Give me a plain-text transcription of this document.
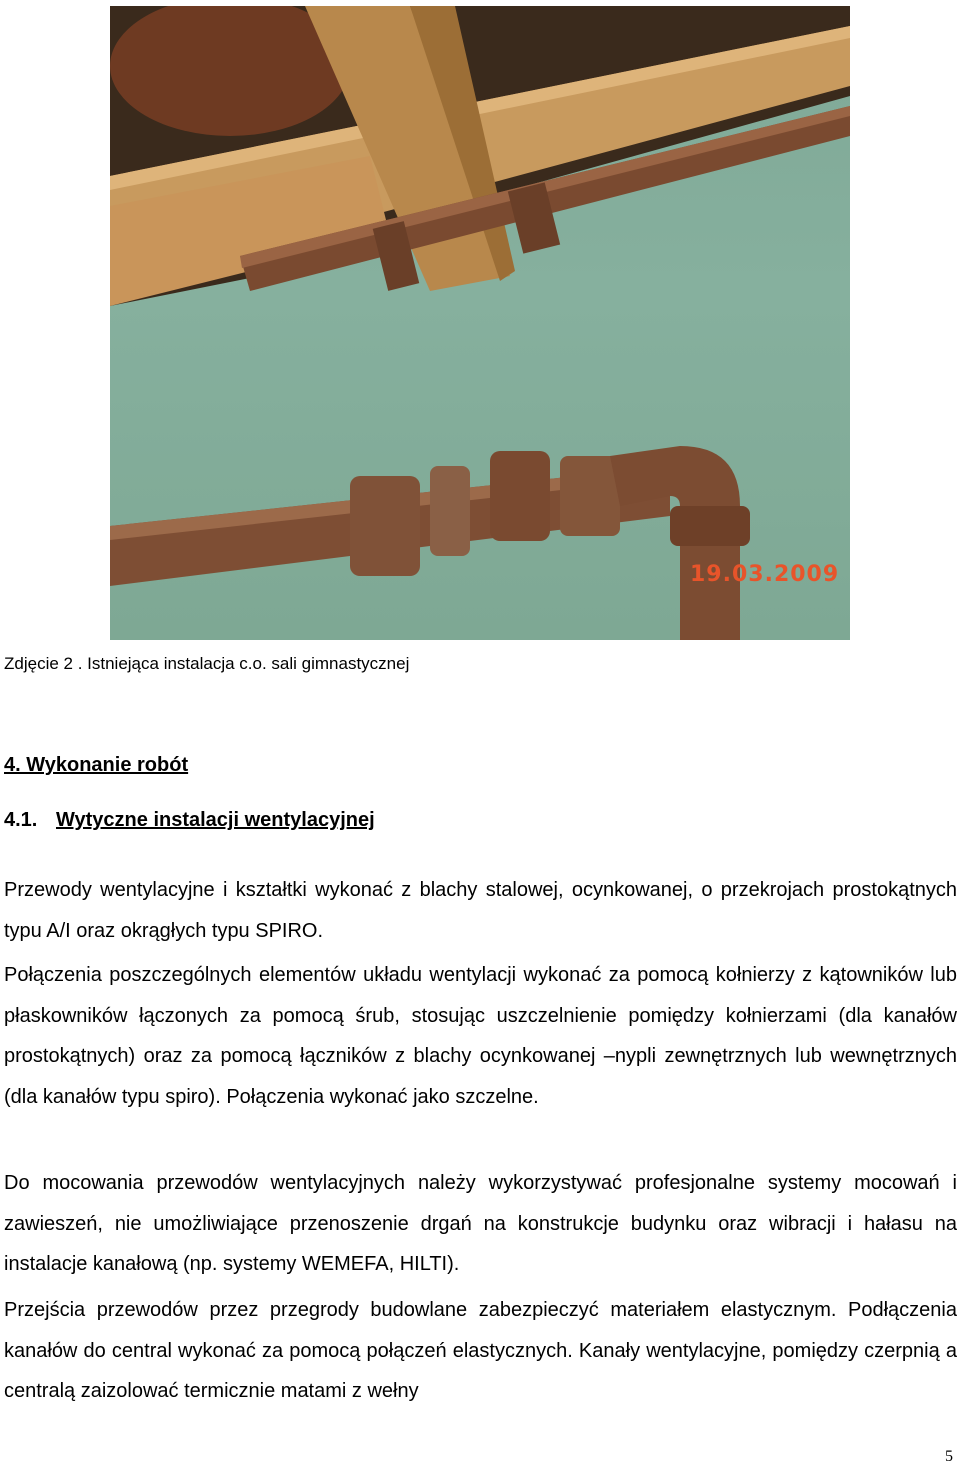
19.03.2009
Zdjęcie 2 . Istniejąca instalacja c.o. sali gimnastycznej
4. Wykonanie robót
4.1. Wytyczne instalacji wentylacyjnej
Przewody wentylacyjne i kształtki wykonać z blachy stalowej, ocynkowanej, o przekrojach prostokątnych typu A/I oraz okrągłych typu SPIRO.
Połączenia poszczególnych elementów układu wentylacji wykonać za pomocą kołnierzy z kątowników lub płaskowników łączonych za pomocą śrub, stosując uszczelnienie pomiędzy kołnierzami (dla kanałów prostokątnych) oraz za pomocą łączników z blachy ocynkowanej –nypli zewnętrznych lub wewnętrznych (dla kanałów typu spiro). Połączenia wykonać jako szczelne.
Do mocowania przewodów wentylacyjnych należy wykorzystywać profesjonalne systemy mocowań i zawieszeń, nie umożliwiające przenoszenie drgań na konstrukcje budynku oraz wibracji i hałasu na instalacje kanałową (np. systemy WEMEFA, HILTI).
Przejścia przewodów przez przegrody budowlane zabezpieczyć materiałem elastycznym. Podłączenia kanałów do central wykonać za pomocą połączeń elastycznych. Kanały wentylacyjne, pomiędzy czerpnią a centralą zaizolować termicznie matami z wełny
5
